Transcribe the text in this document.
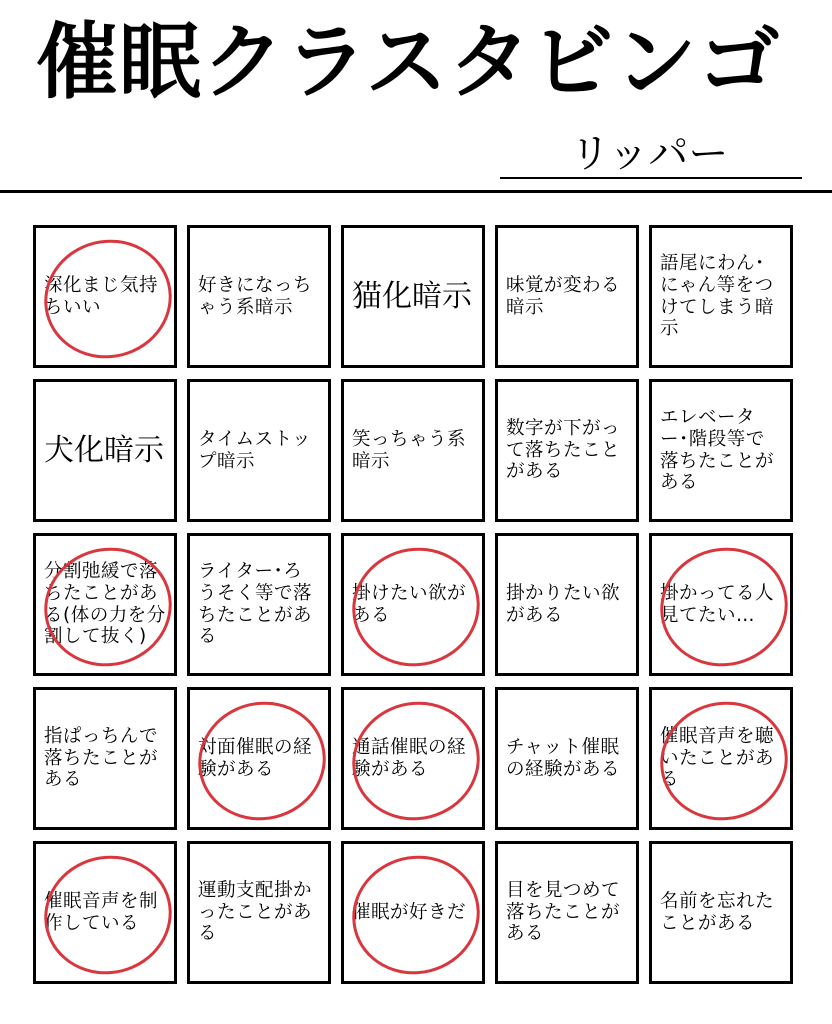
催眠クラスタビンゴ
リッパー
深化まじ気持ちいい
好きになっちゃう系暗示	猫化暗示 味覚が変わる暗示
語尾にわん･にゃん等をつけてしまう暗示
犬化暗示 タイムストップ暗示
笑っちゃう系暗示
数字が下がって落ちたことがある
エレベーター･階段等で落ちたことがある
分割弛緩で落ちたことがある(体の力を分割して抜く)
ライター･ろうそく等で落ちたことがある
掛けたい欲がある
掛かりたい欲がある
掛かってる人見てたい…
指ぱっちんで落ちたことがある
対面催眠の経験がある
通話催眠の経験がある
チャット催眠の経験がある
催眠音声を聴いたことがある
催眠音声を制作している
運動支配掛かったことがある
催眠が好きだ
目を見つめて落ちたことがある
名前を忘れたことがある
